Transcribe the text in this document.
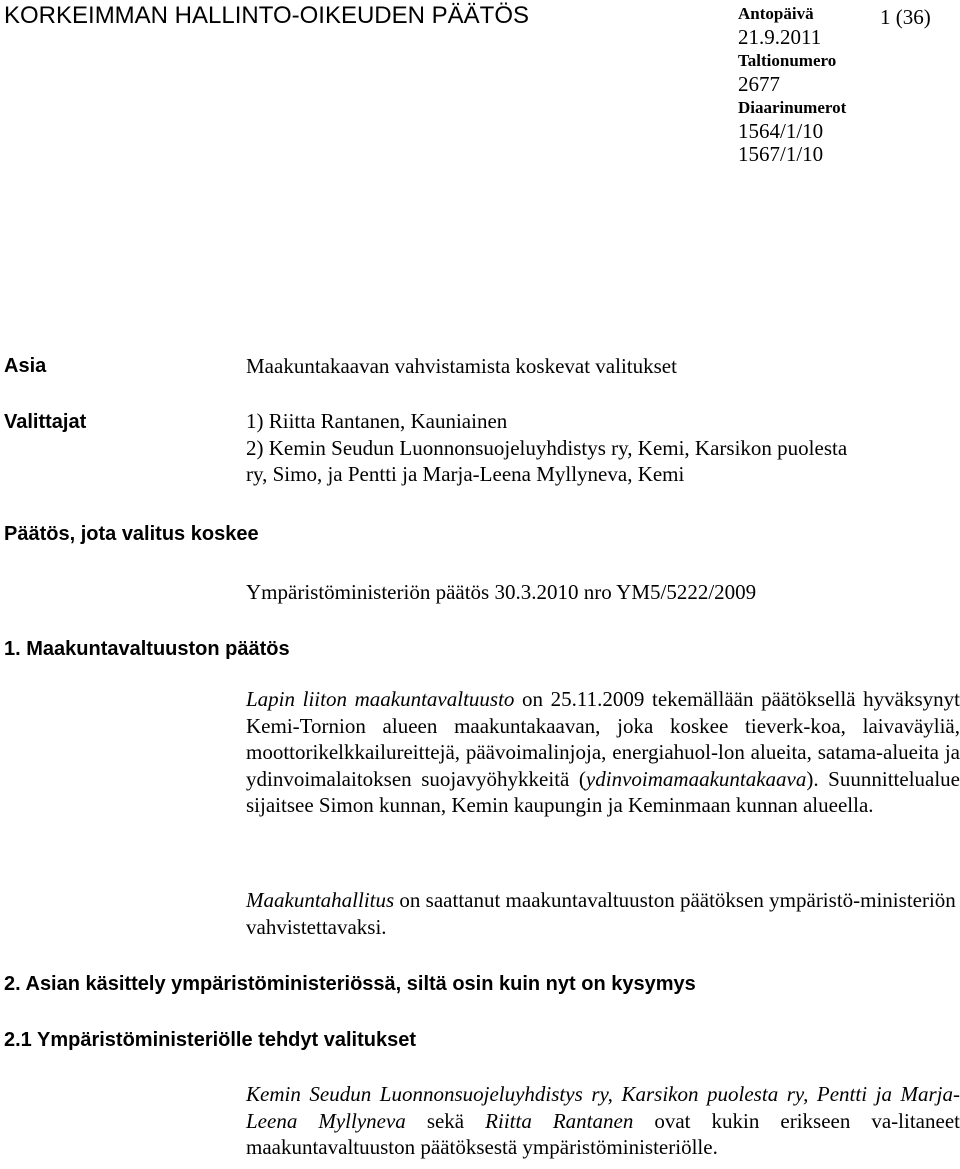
KORKEIMMAN HALLINTO-OIKEUDEN PÄÄTÖS	Antopäivä
21.9.2011
Taltionumero
2677
Diaarinumerot
1564/1/10
1567/1/10
1 (36)
Asia	Maakuntakaavan vahvistamista koskevat valitukset
Valittajat	1) Riitta Rantanen, Kauniainen
2) Kemin Seudun Luonnonsuojeluyhdistys ry, Kemi, Karsikon puolesta
ry, Simo, ja Pentti ja Marja-Leena Myllyneva, Kemi
Päätös, jota valitus koskee
Ympäristöministeriön päätös 30.3.2010 nro YM5/5222/2009
1. Maakuntavaltuuston päätös
Lapin liiton maakuntavaltuusto on 25.11.2009 tekemällään päätöksellä hyväksynyt Kemi-Tornion alueen maakuntakaavan, joka koskee tieverk-koa, laivaväyliä, moottorikelkkailureittejä, päävoimalinjoja, energiahuol-lon alueita, satama-alueita ja ydinvoimalaitoksen suojavyöhykkeitä (ydinvoimamaakuntakaava). Suunnittelualue sijaitsee Simon kunnan, Kemin kaupungin ja Keminmaan kunnan alueella.
Maakuntahallitus on saattanut maakuntavaltuuston päätöksen ympäristö-ministeriön vahvistettavaksi.
2. Asian käsittely ympäristöministeriössä, siltä osin kuin nyt on kysymys
2.1 Ympäristöministeriölle tehdyt valitukset
Kemin Seudun Luonnonsuojeluyhdistys ry, Karsikon puolesta ry, Pentti ja Marja-Leena Myllyneva sekä Riitta Rantanen ovat kukin erikseen va-litaneet maakuntavaltuuston päätöksestä ympäristöministeriölle.
